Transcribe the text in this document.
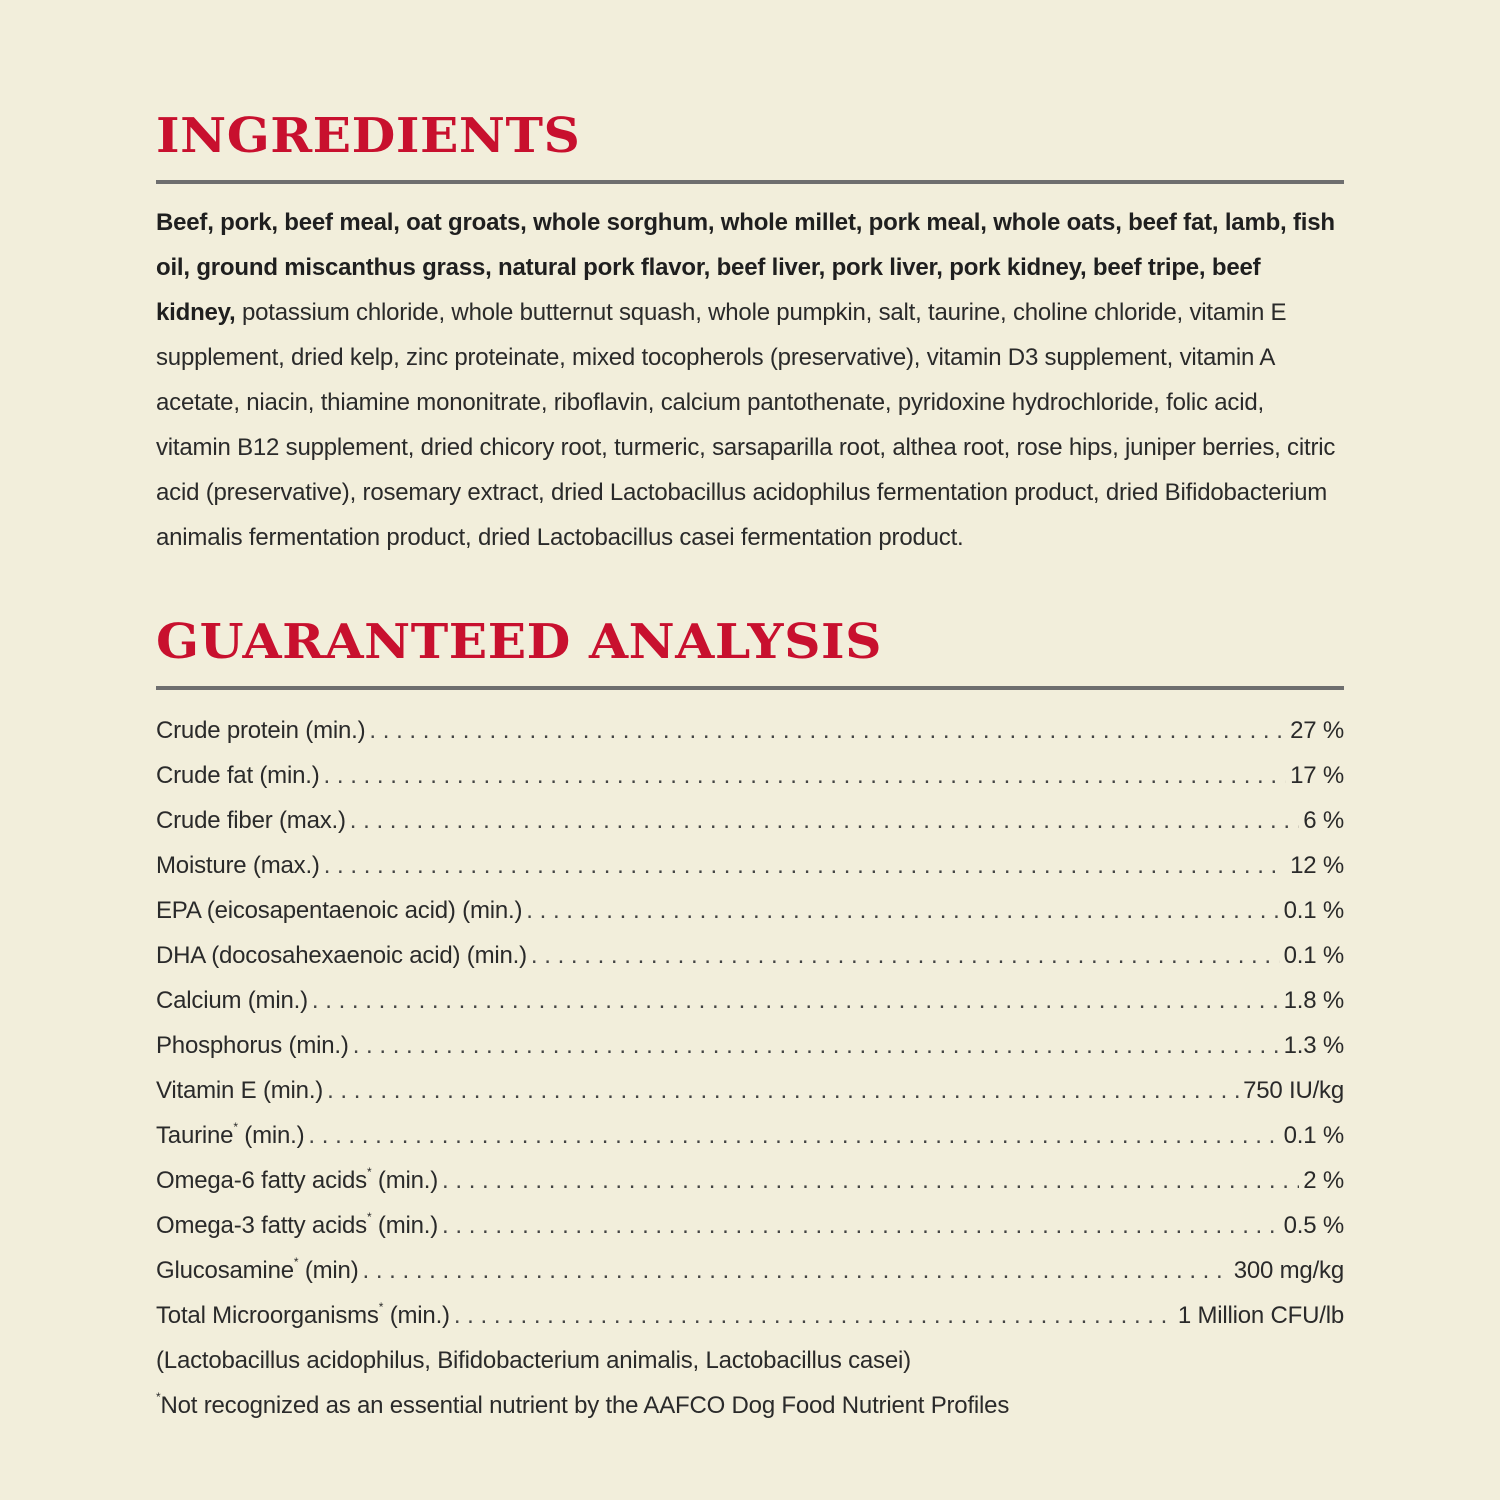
INGREDIENTS

Beef, pork, beef meal, oat groats, whole sorghum, whole millet, pork meal, whole oats, beef fat, lamb, fish oil, ground miscanthus grass, natural pork flavor, beef liver, pork liver, pork kidney, beef tripe, beef kidney, potassium chloride, whole butternut squash, whole pumpkin, salt, taurine, choline chloride, vitamin E supplement, dried kelp, zinc proteinate, mixed tocopherols (preservative), vitamin D3 supplement, vitamin A acetate, niacin, thiamine mononitrate, riboflavin, calcium pantothenate, pyridoxine hydrochloride, folic acid, vitamin B12 supplement, dried chicory root, turmeric, sarsaparilla root, althea root, rose hips, juniper berries, citric acid (preservative), rosemary extract, dried Lactobacillus acidophilus fermentation product, dried Bifidobacterium animalis fermentation product, dried Lactobacillus casei fermentation product.

GUARANTEED ANALYSIS
Crude protein (min.) . . .	27 %
Crude fat (min.) . . .	17 %
Crude fiber (max.) . . .	6 %
Moisture (max.) . . .	12 %
EPA (eicosapentaenoic acid) (min.) . . .	0.1 %
DHA (docosahexaenoic acid) (min.) . . .	0.1 %
Calcium (min.) . . .	1.8 %
Phosphorus (min.) . . .	1.3 %
Vitamin E (min.) . . .	750 IU/kg
Taurine* (min.) . . .	0.1 %
Omega-6 fatty acids* (min.) . . .	2 %
Omega-3 fatty acids* (min.) . . .	0.5 %
Glucosamine* (min) . . .	300 mg/kg
Total Microorganisms* (min.) . . .	1 Million CFU/lb
(Lactobacillus acidophilus, Bifidobacterium animalis, Lactobacillus casei)
*Not recognized as an essential nutrient by the AAFCO Dog Food Nutrient Profiles
